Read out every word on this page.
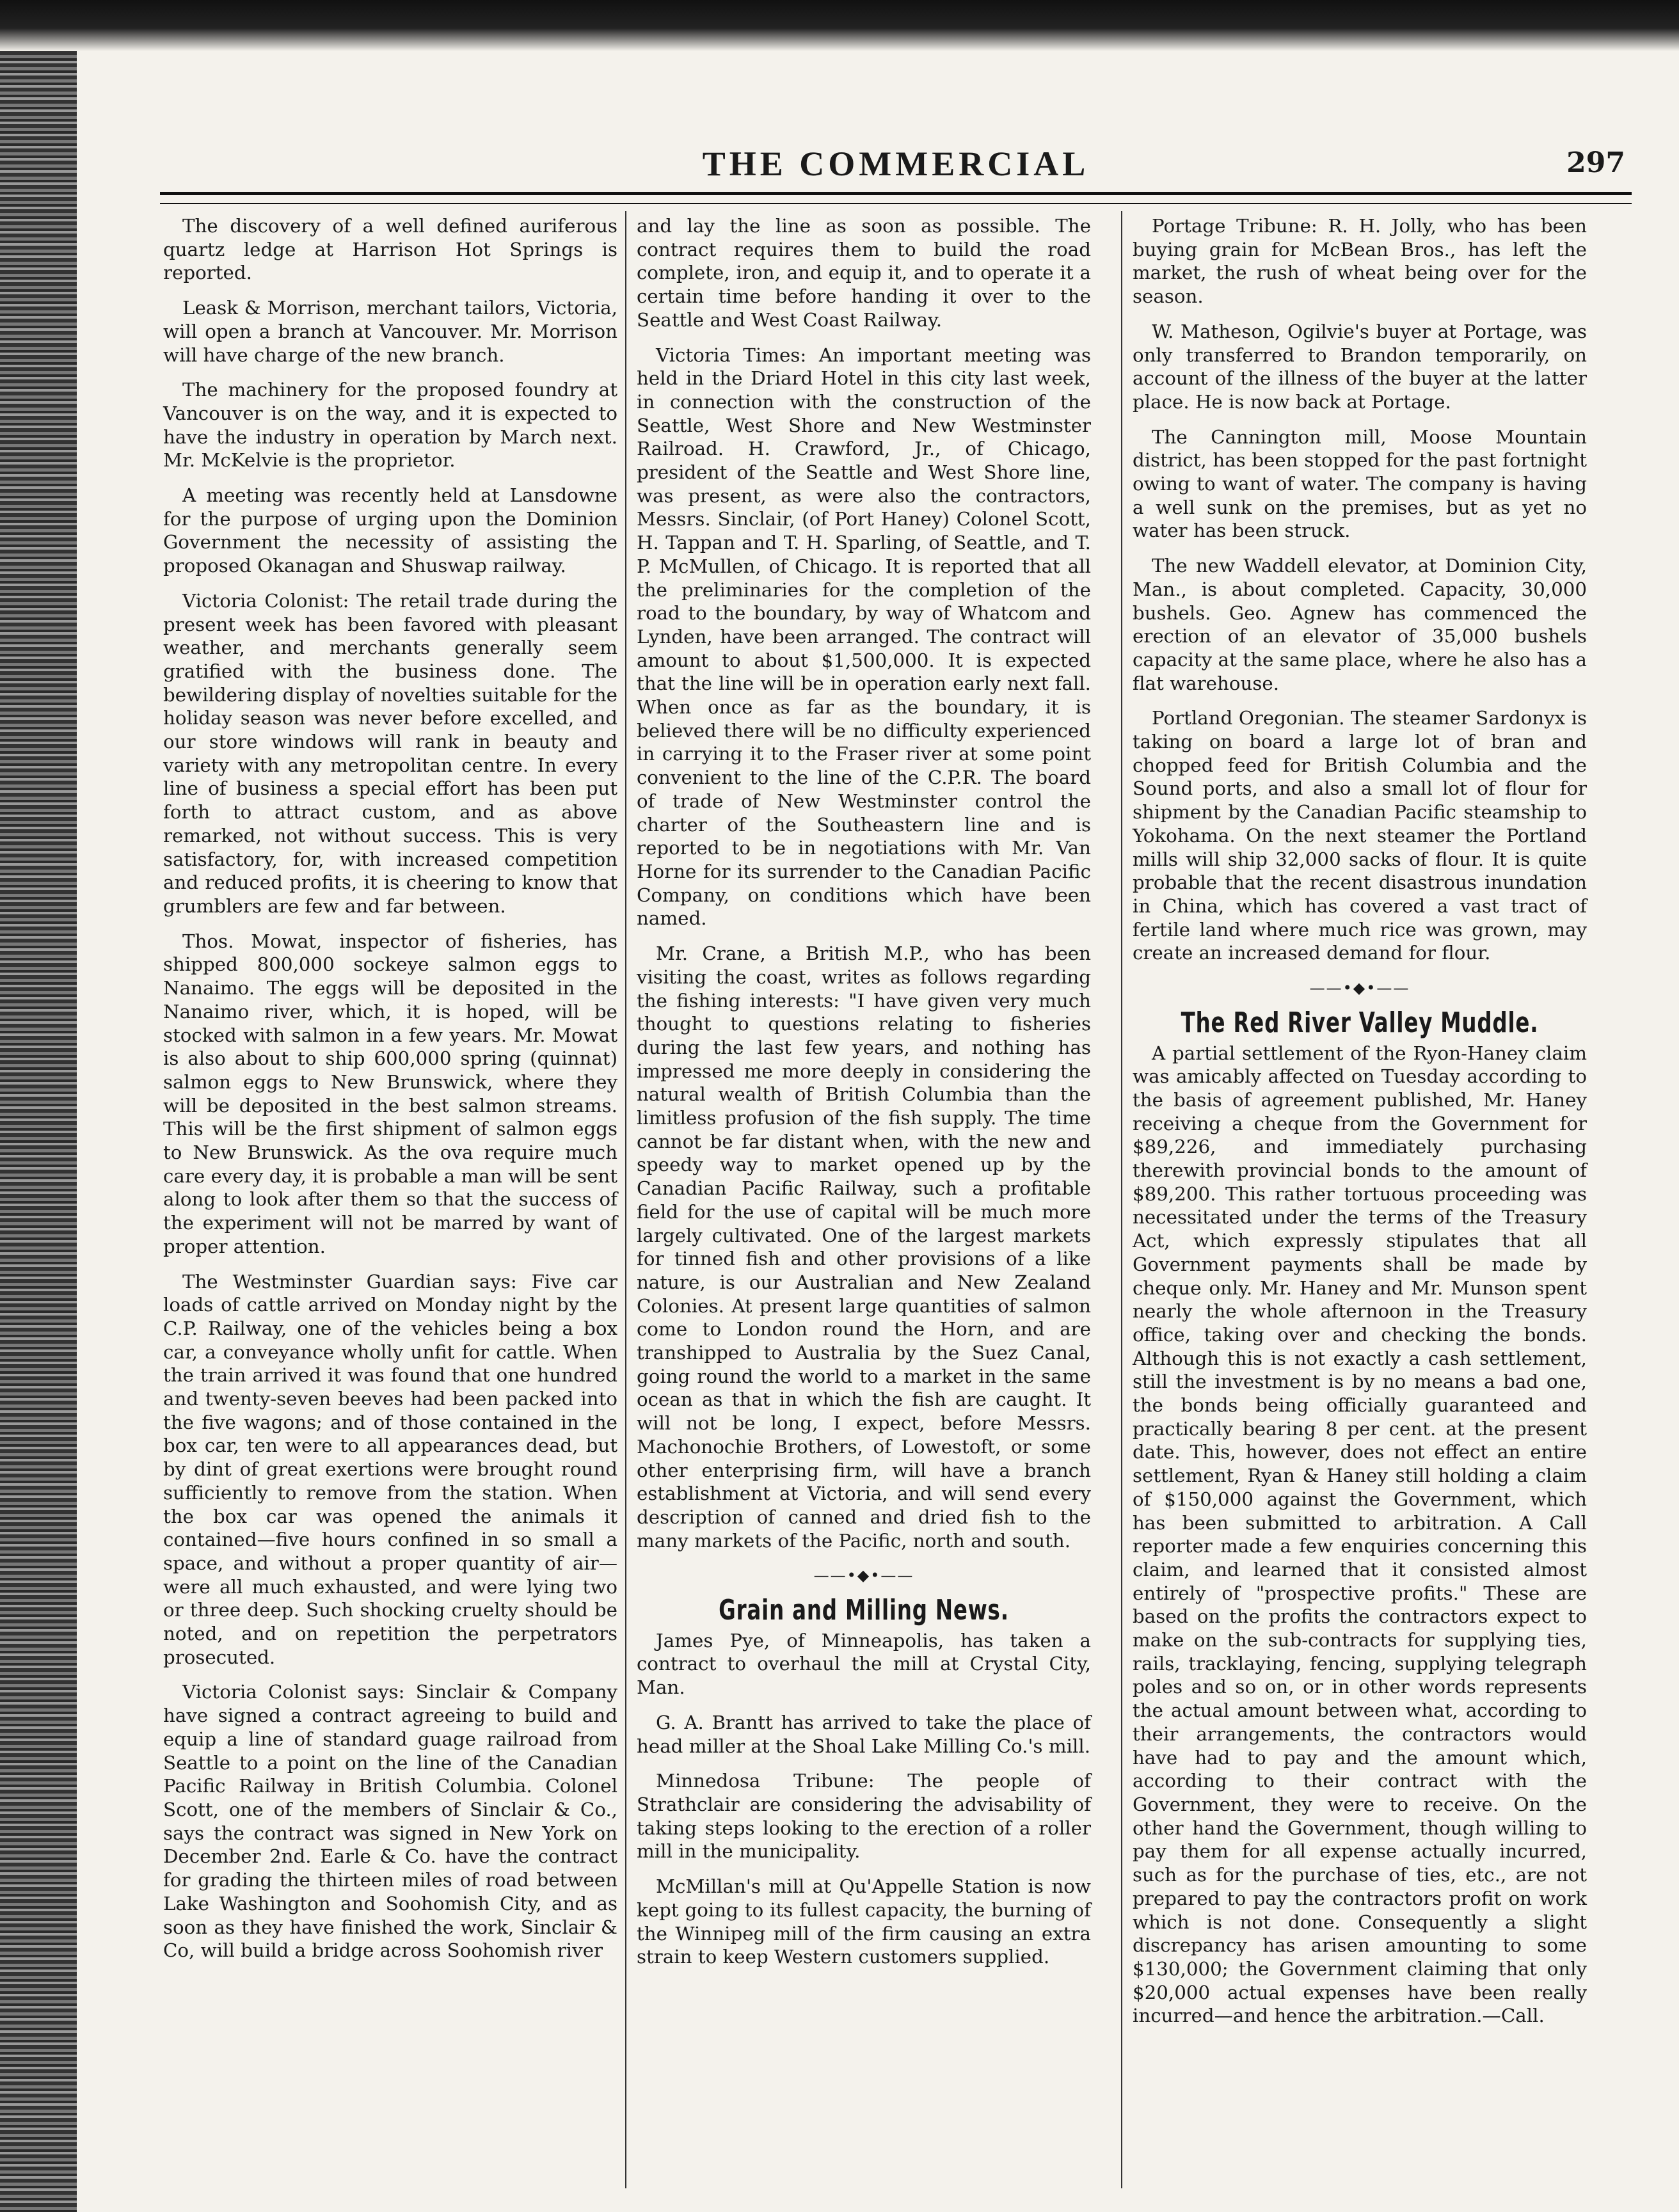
THE COMMERCIAL	297

The discovery of a well defined auriferous quartz ledge at Harrison Hot Springs is reported.

Leask & Morrison, merchant tailors, Victoria, will open a branch at Vancouver. Mr. Morrison will have charge of the new branch.

The machinery for the proposed foundry at Vancouver is on the way, and it is expected to have the industry in operation by March next. Mr. McKelvie is the proprietor.

A meeting was recently held at Lansdowne for the purpose of urging upon the Dominion Government the necessity of assisting the proposed Okanagan and Shuswap railway.

Victoria Colonist: The retail trade during the present week has been favored with pleasant weather, and merchants generally seem gratified with the business done. The bewildering display of novelties suitable for the holiday season was never before excelled, and our store windows will rank in beauty and variety with any metropolitan centre. In every line of business a special effort has been put forth to attract custom, and as above remarked, not without success. This is very satisfactory, for, with increased competition and reduced profits, it is cheering to know that grumblers are few and far between.

Thos. Mowat, inspector of fisheries, has shipped 800,000 sockeye salmon eggs to Nanaimo. The eggs will be deposited in the Nanaimo river, which, it is hoped, will be stocked with salmon in a few years. Mr. Mowat is also about to ship 600,000 spring (quinnat) salmon eggs to New Brunswick, where they will be deposited in the best salmon streams. This will be the first shipment of salmon eggs to New Brunswick. As the ova require much care every day, it is probable a man will be sent along to look after them so that the success of the experiment will not be marred by want of proper attention.

The Westminster Guardian says: Five car loads of cattle arrived on Monday night by the C.P. Railway, one of the vehicles being a box car, a conveyance wholly unfit for cattle. When the train arrived it was found that one hundred and twenty-seven beeves had been packed into the five wagons; and of those contained in the box car, ten were to all appearances dead, but by dint of great exertions were brought round sufficiently to remove from the station. When the box car was opened the animals it contained—five hours confined in so small a space, and without a proper quantity of air—were all much exhausted, and were lying two or three deep. Such shocking cruelty should be noted, and on repetition the perpetrators prosecuted.

Victoria Colonist says: Sinclair & Company have signed a contract agreeing to build and equip a line of standard guage railroad from Seattle to a point on the line of the Canadian Pacific Railway in British Columbia. Colonel Scott, one of the members of Sinclair & Co., says the contract was signed in New York on December 2nd. Earle & Co. have the contract for grading the thirteen miles of road between Lake Washington and Soohomish City, and as soon as they have finished the work, Sinclair & Co, will build a bridge across Soohomish river

and lay the line as soon as possible. The contract requires them to build the road complete, iron, and equip it, and to operate it a certain time before handing it over to the Seattle and West Coast Railway.

Victoria Times: An important meeting was held in the Driard Hotel in this city last week, in connection with the construction of the Seattle, West Shore and New Westminster Railroad. H. Crawford, Jr., of Chicago, president of the Seattle and West Shore line, was present, as were also the contractors, Messrs. Sinclair, (of Port Haney) Colonel Scott, H. Tappan and T. H. Sparling, of Seattle, and T. P. McMullen, of Chicago. It is reported that all the preliminaries for the completion of the road to the boundary, by way of Whatcom and Lynden, have been arranged. The contract will amount to about $1,500,000. It is expected that the line will be in operation early next fall. When once as far as the boundary, it is believed there will be no difficulty experienced in carrying it to the Fraser river at some point convenient to the line of the C.P.R. The board of trade of New Westminster control the charter of the Southeastern line and is reported to be in negotiations with Mr. Van Horne for its surrender to the Canadian Pacific Company, on conditions which have been named.

Mr. Crane, a British M.P., who has been visiting the coast, writes as follows regarding the fishing interests: "I have given very much thought to questions relating to fisheries during the last few years, and nothing has impressed me more deeply in considering the natural wealth of British Columbia than the limitless profusion of the fish supply. The time cannot be far distant when, with the new and speedy way to market opened up by the Canadian Pacific Railway, such a profitable field for the use of capital will be much more largely cultivated. One of the largest markets for tinned fish and other provisions of a like nature, is our Australian and New Zealand Colonies. At present large quantities of salmon come to London round the Horn, and are transhipped to Australia by the Suez Canal, going round the world to a market in the same ocean as that in which the fish are caught. It will not be long, I expect, before Messrs. Machonochie Brothers, of Lowestoft, or some other enterprising firm, will have a branch establishment at Victoria, and will send every description of canned and dried fish to the many markets of the Pacific, north and south.

——•◆•——
Grain and Milling News.

James Pye, of Minneapolis, has taken a contract to overhaul the mill at Crystal City, Man.

G. A. Brantt has arrived to take the place of head miller at the Shoal Lake Milling Co.'s mill.

Minnedosa Tribune: The people of Strathclair are considering the advisability of taking steps looking to the erection of a roller mill in the municipality.

McMillan's mill at Qu'Appelle Station is now kept going to its fullest capacity, the burning of the Winnipeg mill of the firm causing an extra strain to keep Western customers supplied.

Portage Tribune: R. H. Jolly, who has been buying grain for McBean Bros., has left the market, the rush of wheat being over for the season.

W. Matheson, Ogilvie's buyer at Portage, was only transferred to Brandon temporarily, on account of the illness of the buyer at the latter place. He is now back at Portage.

The Cannington mill, Moose Mountain district, has been stopped for the past fortnight owing to want of water. The company is having a well sunk on the premises, but as yet no water has been struck.

The new Waddell elevator, at Dominion City, Man., is about completed. Capacity, 30,000 bushels. Geo. Agnew has commenced the erection of an elevator of 35,000 bushels capacity at the same place, where he also has a flat warehouse.

Portland Oregonian. The steamer Sardonyx is taking on board a large lot of bran and chopped feed for British Columbia and the Sound ports, and also a small lot of flour for shipment by the Canadian Pacific steamship to Yokohama. On the next steamer the Portland mills will ship 32,000 sacks of flour. It is quite probable that the recent disastrous inundation in China, which has covered a vast tract of fertile land where much rice was grown, may create an increased demand for flour.

——•◆•——
The Red River Valley Muddle.

A partial settlement of the Ryon-Haney claim was amicably affected on Tuesday according to the basis of agreement published, Mr. Haney receiving a cheque from the Government for $89,226, and immediately purchasing therewith provincial bonds to the amount of $89,200. This rather tortuous proceeding was necessitated under the terms of the Treasury Act, which expressly stipulates that all Government payments shall be made by cheque only. Mr. Haney and Mr. Munson spent nearly the whole afternoon in the Treasury office, taking over and checking the bonds. Although this is not exactly a cash settlement, still the investment is by no means a bad one, the bonds being officially guaranteed and practically bearing 8 per cent. at the present date. This, however, does not effect an entire settlement, Ryan & Haney still holding a claim of $150,000 against the Government, which has been submitted to arbitration. A Call reporter made a few enquiries concerning this claim, and learned that it consisted almost entirely of "prospective profits." These are based on the profits the contractors expect to make on the sub-contracts for supplying ties, rails, tracklaying, fencing, supplying telegraph poles and so on, or in other words represents the actual amount between what, according to their arrangements, the contractors would have had to pay and the amount which, according to their contract with the Government, they were to receive. On the other hand the Government, though willing to pay them for all expense actually incurred, such as for the purchase of ties, etc., are not prepared to pay the contractors profit on work which is not done. Consequently a slight discrepancy has arisen amounting to some $130,000; the Government claiming that only $20,000 actual expenses have been really incurred—and hence the arbitration.—Call.
